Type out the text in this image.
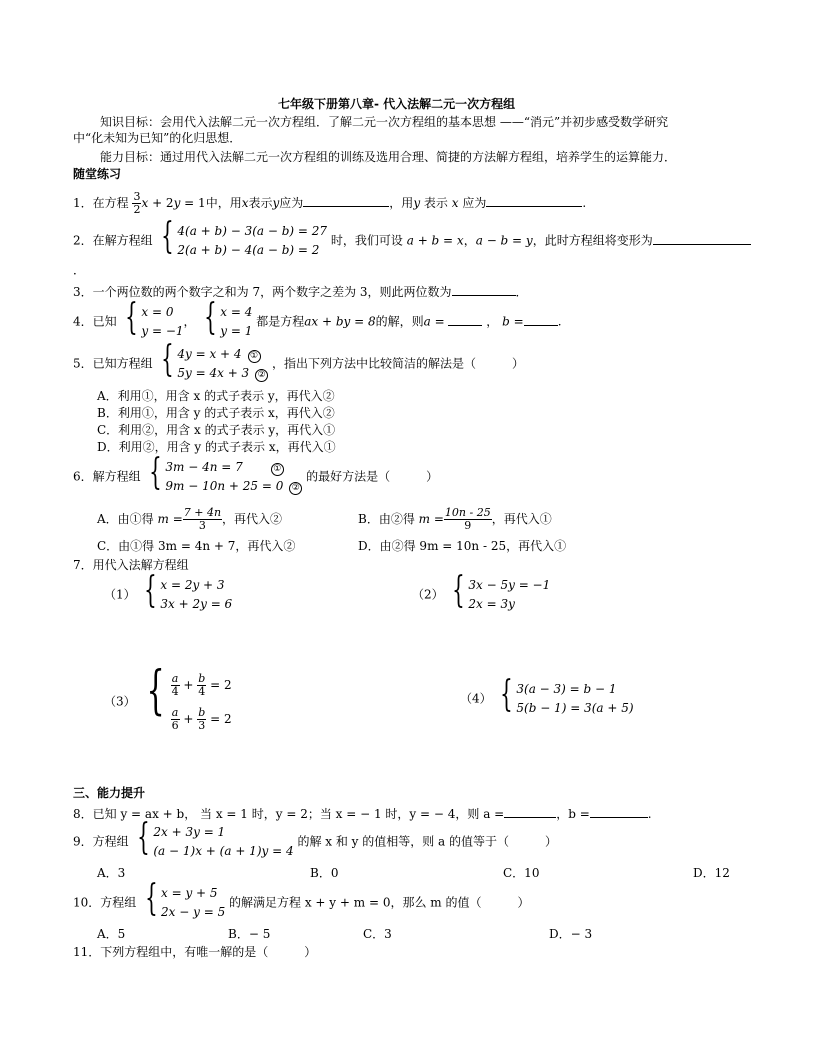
七年级下册第八章- 代入法解二元一次方程组
知识目标：会用代入法解二元一次方程组．了解二元一次方程组的基本思想 ——“消元”并初步感受数学研究
中“化未知为已知”的化归思想．
能力目标：通过用代入法解二元一次方程组的训练及选用合理、简捷的方法解方程组，培养学生的运算能力．
随堂练习
1．在方程 $\frac{3}{2}$ x + 2y = 1中，用x表示y应为	，用y 表示 x 应为	.
2．在解方程组 { 4(a + b) − 3(a − b) = 27
2(a + b) − 4(a − b) = 2
时，我们可设 a + b = x，a − b = y，此时方程组将变形为
．
3．一个两位数的两个数字之和为 7，两个数字之差为 3，则此两位数为	．
4．已知 { x = 0
y = −1
， { x = 4
y = 1
都是方程ax + by = 8的解，则a =	， b =	.
5．已知方程组 { 4y = x + 4 ①
5y = 4x + 3 ②
，指出下列方法中比较简洁的解法是（　　　）
A．利用①，用含 x 的式子表示 y，再代入②
B．利用①，用含 y 的式子表示 x，再代入②
C．利用②，用含 x 的式子表示 y，再代入①
D．利用②，用含 y 的式子表示 x，再代入①
6．解方程组 { 3m − 4n = 7	①
9m − 10n + 25 = 0 ②
的最好方法是（　　　）
A．由①得 $m = \frac{7 + 4n}{3}$ ，再代入②	B．由②得 $m = \frac{10n - 25}{9}$ ，再代入①
C．由①得 3m = 4n + 7，再代入②	D．由②得 9m = 10n - 25，再代入①
7．用代入法解方程组
（1） { x = 2y + 3
3x + 2y = 6
（2） { 3x − 5y = −1
2x = 3y
（3） { $\frac{a}{4} + \frac{b}{4} = 2$
$\frac{a}{6} + \frac{b}{3} = 2$
（4） { 3(a − 3) = b − 1
5(b − 1) = 3(a + 5)
三、能力提升
8．已知 y = ax + b， 当 x = 1 时，y = 2；当 x = − 1 时，y = − 4，则 a =	，b =	.
9．方程组 { 2x + 3y = 1
(a − 1)x + (a + 1)y = 4
的解 x 和 y 的值相等，则 a 的值等于（　　　）
A．3	B．0	C．10	D．12
10．方程组 { x = y + 5
2x − y = 5
的解满足方程 x + y + m = 0，那么 m 的值（　　　）
A．5	B．− 5	C．3	D．− 3
11．下列方程组中，有唯一解的是（　　　）
